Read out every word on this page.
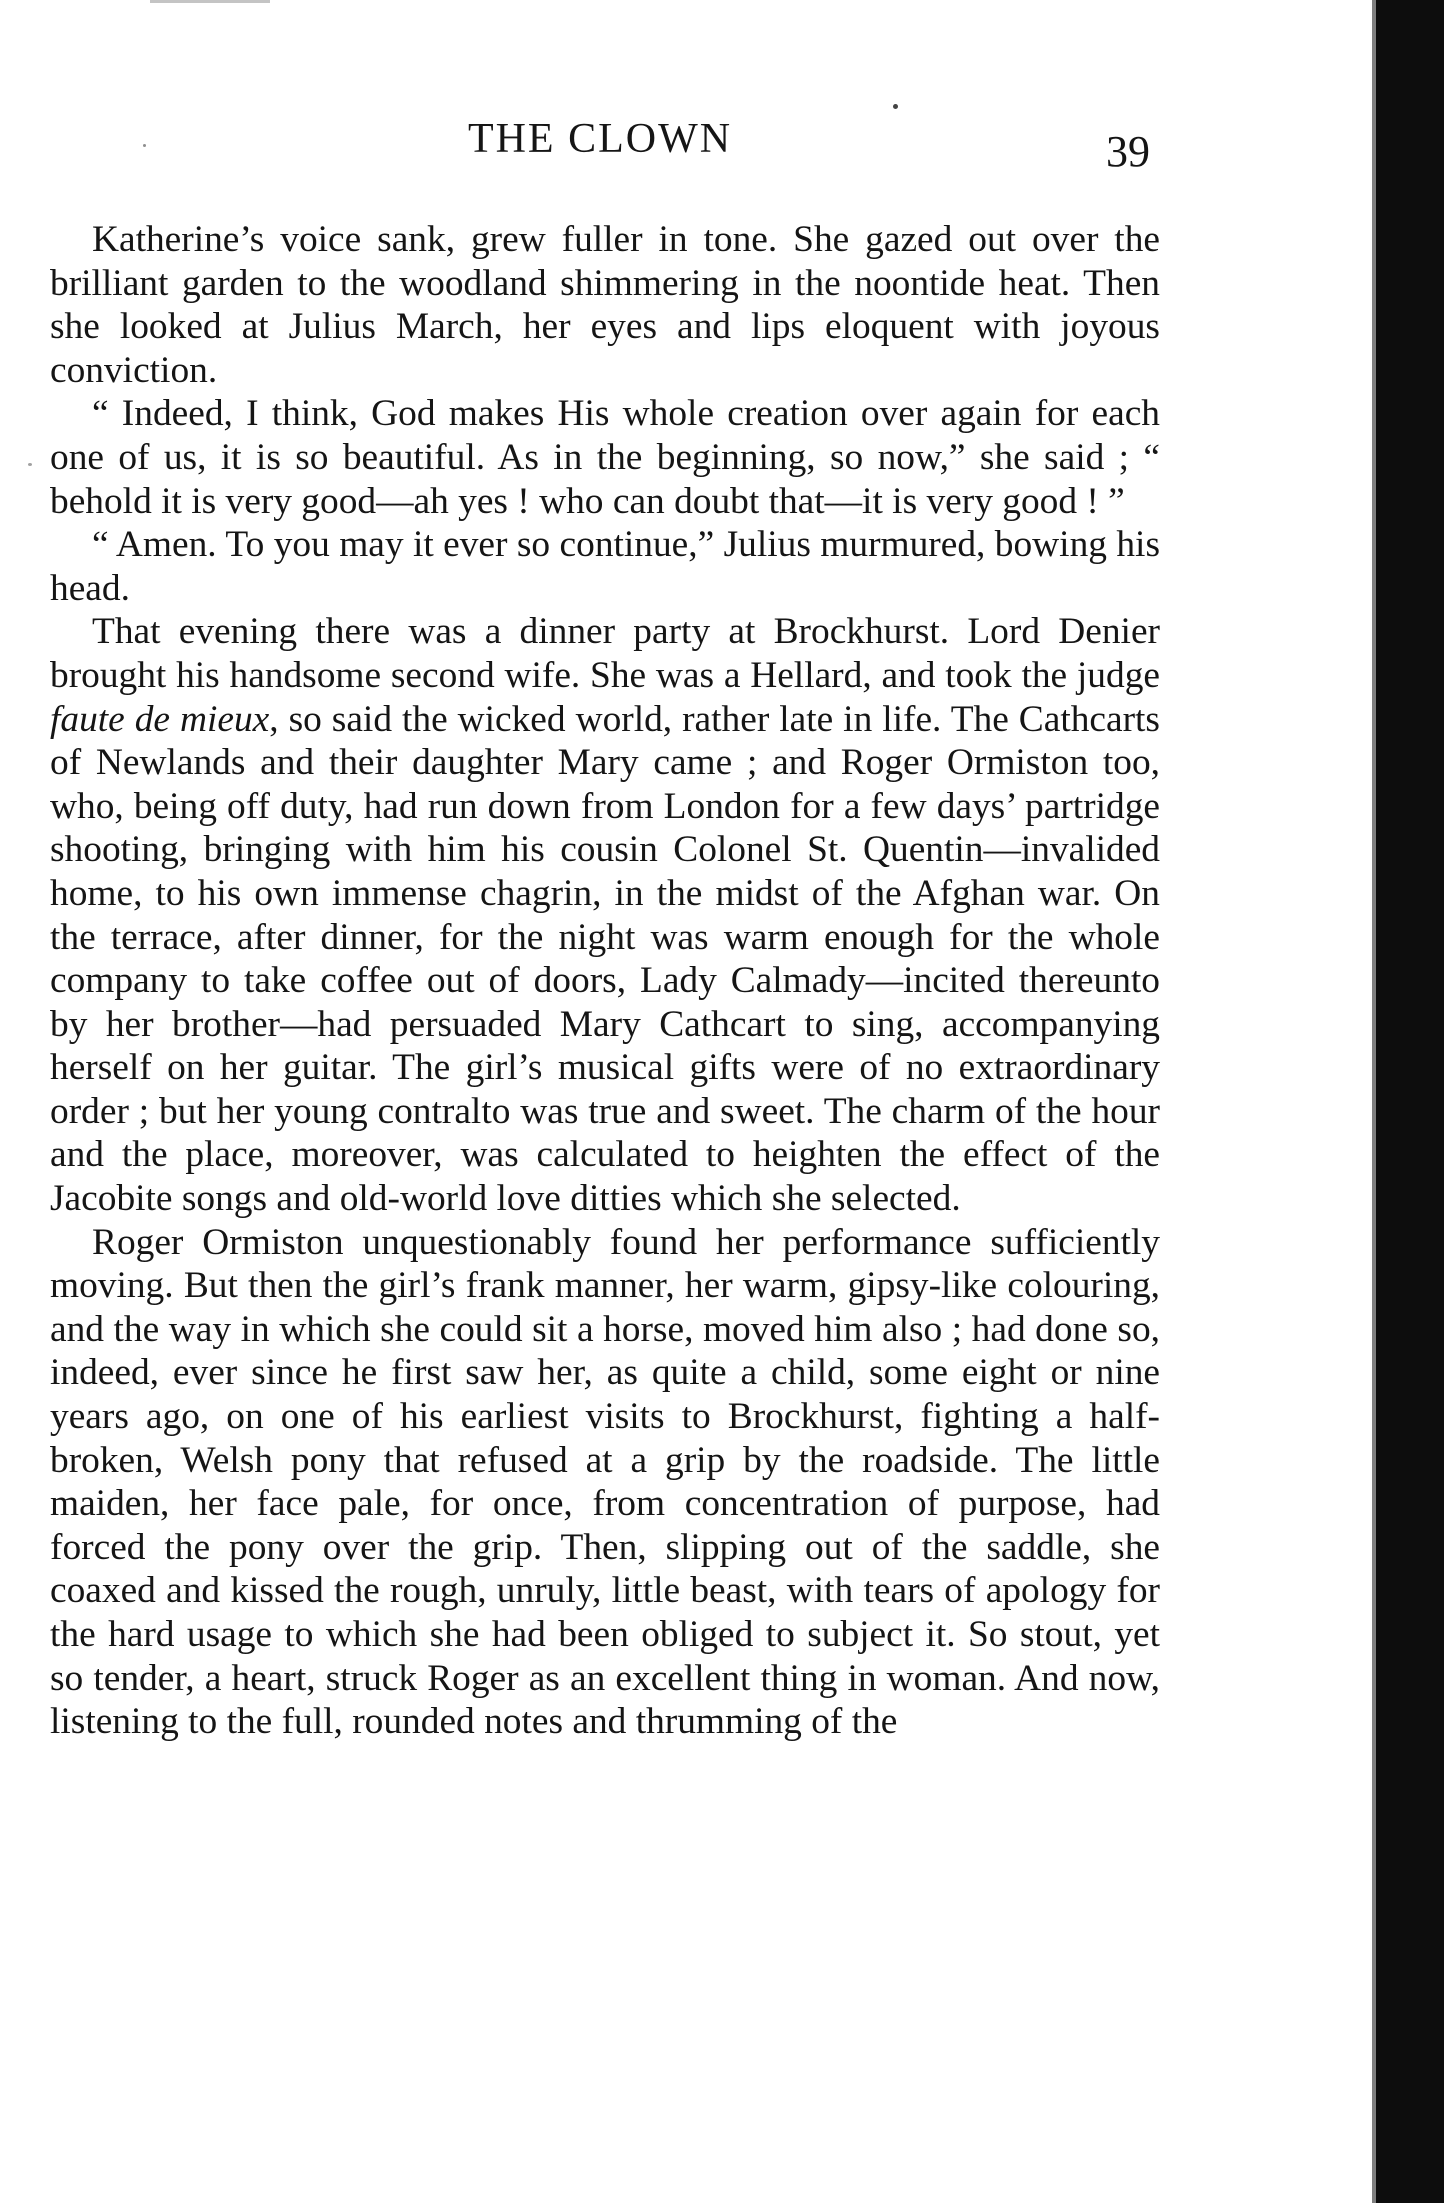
THE CLOWN	39

Katherine’s voice sank, grew fuller in tone. She gazed out over the brilliant garden to the woodland shimmering in the noontide heat. Then she looked at Julius March, her eyes and lips eloquent with joyous conviction.

“ Indeed, I think, God makes His whole creation over again for each one of us, it is so beautiful. As in the beginning, so now,” she said ; “ behold it is very good—ah yes ! who can doubt that—it is very good ! ”

“ Amen. To you may it ever so continue,” Julius murmured, bowing his head.

That evening there was a dinner party at Brockhurst. Lord Denier brought his handsome second wife. She was a Hellard, and took the judge faute de mieux, so said the wicked world, rather late in life. The Cathcarts of Newlands and their daughter Mary came ; and Roger Ormiston too, who, being off duty, had run down from London for a few days’ partridge shooting, bringing with him his cousin Colonel St. Quentin—invalided home, to his own immense chagrin, in the midst of the Afghan war. On the terrace, after dinner, for the night was warm enough for the whole company to take coffee out of doors, Lady Calmady—incited thereunto by her brother—had persuaded Mary Cathcart to sing, accompanying herself on her guitar. The girl’s musical gifts were of no extraordinary order ; but her young contralto was true and sweet. The charm of the hour and the place, moreover, was calculated to heighten the effect of the Jacobite songs and old-world love ditties which she selected.

Roger Ormiston unquestionably found her performance sufficiently moving. But then the girl’s frank manner, her warm, gipsy-like colouring, and the way in which she could sit a horse, moved him also ; had done so, indeed, ever since he first saw her, as quite a child, some eight or nine years ago, on one of his earliest visits to Brockhurst, fighting a half-broken, Welsh pony that refused at a grip by the roadside. The little maiden, her face pale, for once, from concentration of purpose, had forced the pony over the grip. Then, slipping out of the saddle, she coaxed and kissed the rough, unruly, little beast, with tears of apology for the hard usage to which she had been obliged to subject it. So stout, yet so tender, a heart, struck Roger as an excellent thing in woman. And now, listening to the full, rounded notes and thrumming of the
